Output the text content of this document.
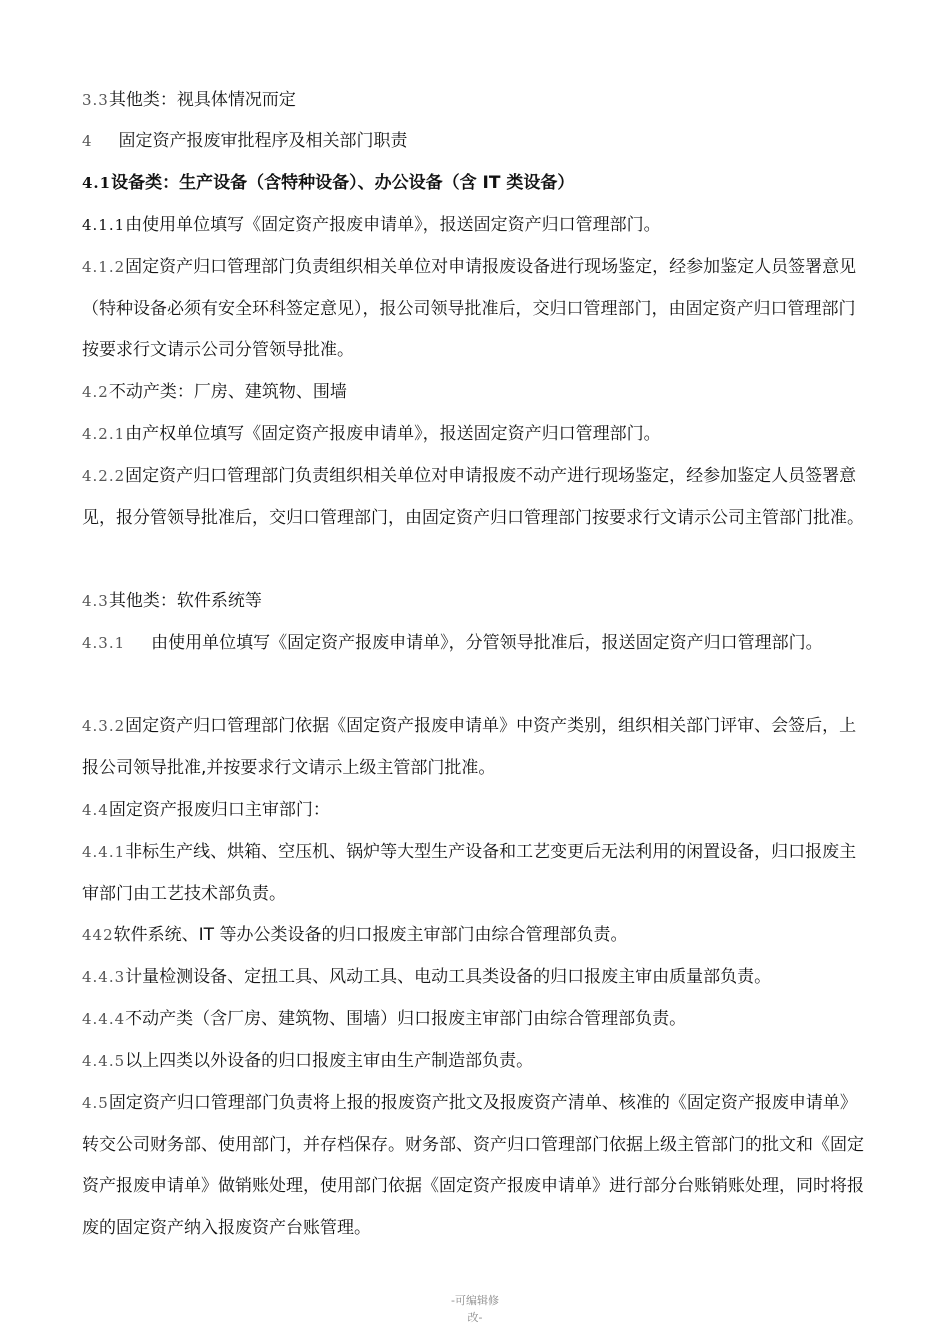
3.3其他类：视具体情况而定

4 固定资产报废审批程序及相关部门职责

4.1设备类：生产设备（含特种设备）、办公设备（含 IT 类设备）

4.1.1由使用单位填写《固定资产报废申请单》，报送固定资产归口管理部门。

4.1.2固定资产归口管理部门负责组织相关单位对申请报废设备进行现场鉴定，经参加鉴定人员签署意见（特种设备必须有安全环科签定意见），报公司领导批准后，交归口管理部门，由固定资产归口管理部门按要求行文请示公司分管领导批准。

4.2不动产类：厂房、建筑物、围墙

4.2.1由产权单位填写《固定资产报废申请单》，报送固定资产归口管理部门。

4.2.2固定资产归口管理部门负责组织相关单位对申请报废不动产进行现场鉴定，经参加鉴定人员签署意见，报分管领导批准后，交归口管理部门，由固定资产归口管理部门按要求行文请示公司主管部门批准。

4.3其他类：软件系统等

4.3.1 由使用单位填写《固定资产报废申请单》，分管领导批准后，报送固定资产归口管理部门。

4.3.2固定资产归口管理部门依据《固定资产报废申请单》中资产类别，组织相关部门评审、会签后，上报公司领导批准,并按要求行文请示上级主管部门批准。

4.4固定资产报废归口主审部门：

4.4.1非标生产线、烘箱、空压机、锅炉等大型生产设备和工艺变更后无法利用的闲置设备，归口报废主审部门由工艺技术部负责。

442软件系统、IT 等办公类设备的归口报废主审部门由综合管理部负责。

4.4.3计量检测设备、定扭工具、风动工具、电动工具类设备的归口报废主审由质量部负责。

4.4.4不动产类（含厂房、建筑物、围墙）归口报废主审部门由综合管理部负责。

4.4.5以上四类以外设备的归口报废主审由生产制造部负责。

4.5固定资产归口管理部门负责将上报的报废资产批文及报废资产清单、核准的《固定资产报废申请单》转交公司财务部、使用部门，并存档保存。财务部、资产归口管理部门依据上级主管部门的批文和《固定资产报废申请单》做销账处理，使用部门依据《固定资产报废申请单》进行部分台账销账处理，同时将报废的固定资产纳入报废资产台账管理。

-可编辑修
改-
